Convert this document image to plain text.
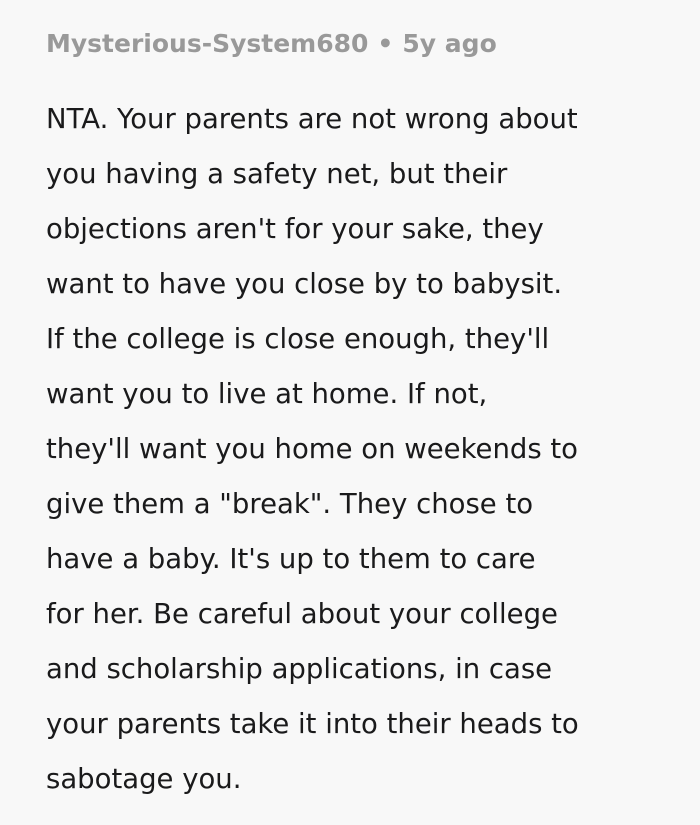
Mysterious-System680 • 5y ago
NTA. Your parents are not wrong about
you having a safety net, but their
objections aren't for your sake, they
want to have you close by to babysit.
If the college is close enough, they'll
want you to live at home. If not,
they'll want you home on weekends to
give them a "break". They chose to
have a baby. It's up to them to care
for her. Be careful about your college
and scholarship applications, in case
your parents take it into their heads to
sabotage you.
